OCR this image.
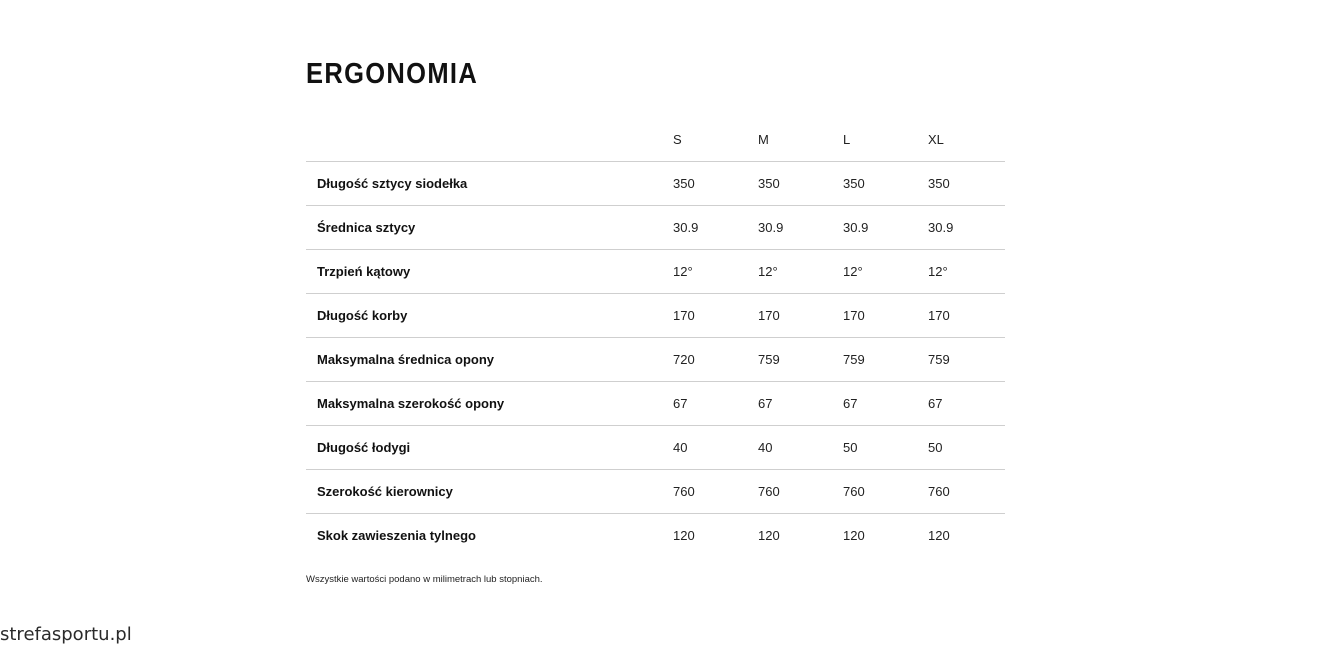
ERGONOMIA
	S	M	L	XL
Długość sztycy siodełka	350	350	350	350
Średnica sztycy	30.9	30.9	30.9	30.9
Trzpień kątowy	12°	12°	12°	12°
Długość korby	170	170	170	170
Maksymalna średnica opony	720	759	759	759
Maksymalna szerokość opony	67	67	67	67
Długość łodygi	40	40	50	50
Szerokość kierownicy	760	760	760	760
Skok zawieszenia tylnego	120	120	120	120
Wszystkie wartości podano w milimetrach lub stopniach.
strefasportu.pl
